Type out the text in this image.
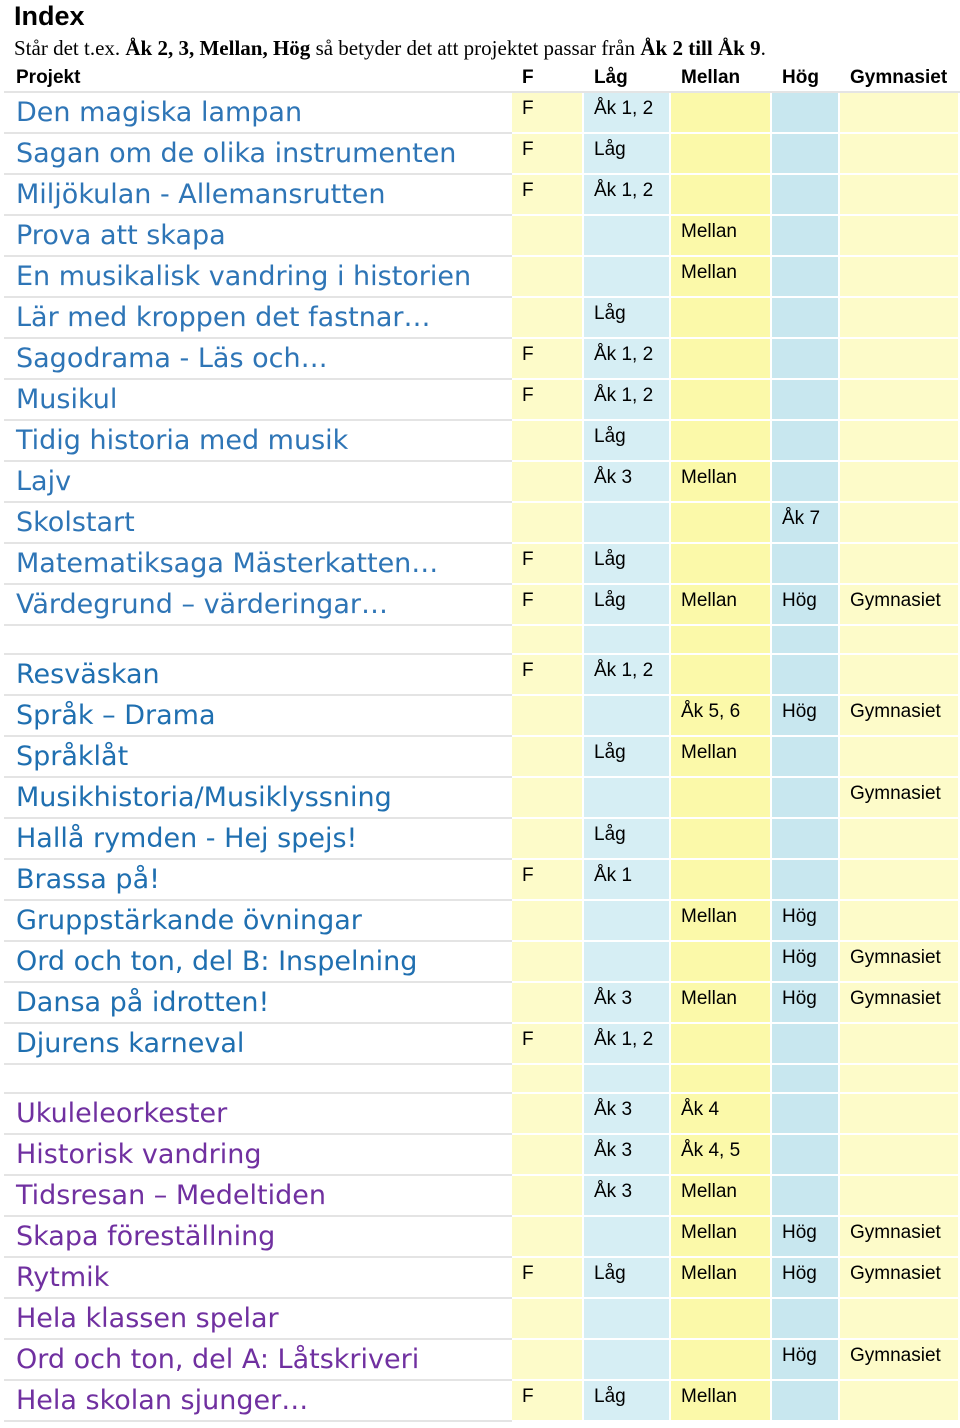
Index
Står det t.ex. Åk 2, 3, Mellan, Hög så betyder det att projektet passar från Åk 2 till Åk 9.
Projekt	F	Låg	Mellan	Hög	Gymnasiet
Den magiska lampan	F	Åk 1, 2			
Sagan om de olika instrumenten	F	Låg			
Miljökulan - Allemansrutten	F	Åk 1, 2			
Prova att skapa			Mellan		
En musikalisk vandring i historien			Mellan		
Lär med kroppen det fastnar…		Låg			
Sagodrama - Läs och…	F	Åk 1, 2			
Musikul	F	Åk 1, 2			
Tidig historia med musik		Låg			
Lajv		Åk 3	Mellan		
Skolstart				Åk 7	
Matematiksaga Mästerkatten…	F	Låg			
Värdegrund – värderingar…	F	Låg	Mellan	Hög	Gymnasiet

Resväskan	F	Åk 1, 2			
Språk – Drama			Åk 5, 6	Hög	Gymnasiet
Språklåt		Låg	Mellan		
Musikhistoria/Musiklyssning					Gymnasiet
Hallå rymden - Hej spejs!		Låg			
Brassa på!	F	Åk 1			
Gruppstärkande övningar			Mellan	Hög	
Ord och ton, del B: Inspelning				Hög	Gymnasiet
Dansa på idrotten!		Åk 3	Mellan	Hög	Gymnasiet
Djurens karneval	F	Åk 1, 2			

Ukuleleorkester		Åk 3	Åk 4		
Historisk vandring		Åk 3	Åk 4, 5		
Tidsresan – Medeltiden		Åk 3	Mellan		
Skapa föreställning			Mellan	Hög	Gymnasiet
Rytmik	F	Låg	Mellan	Hög	Gymnasiet
Hela klassen spelar					
Ord och ton, del A: Låtskriveri				Hög	Gymnasiet
Hela skolan sjunger…	F	Låg	Mellan		
